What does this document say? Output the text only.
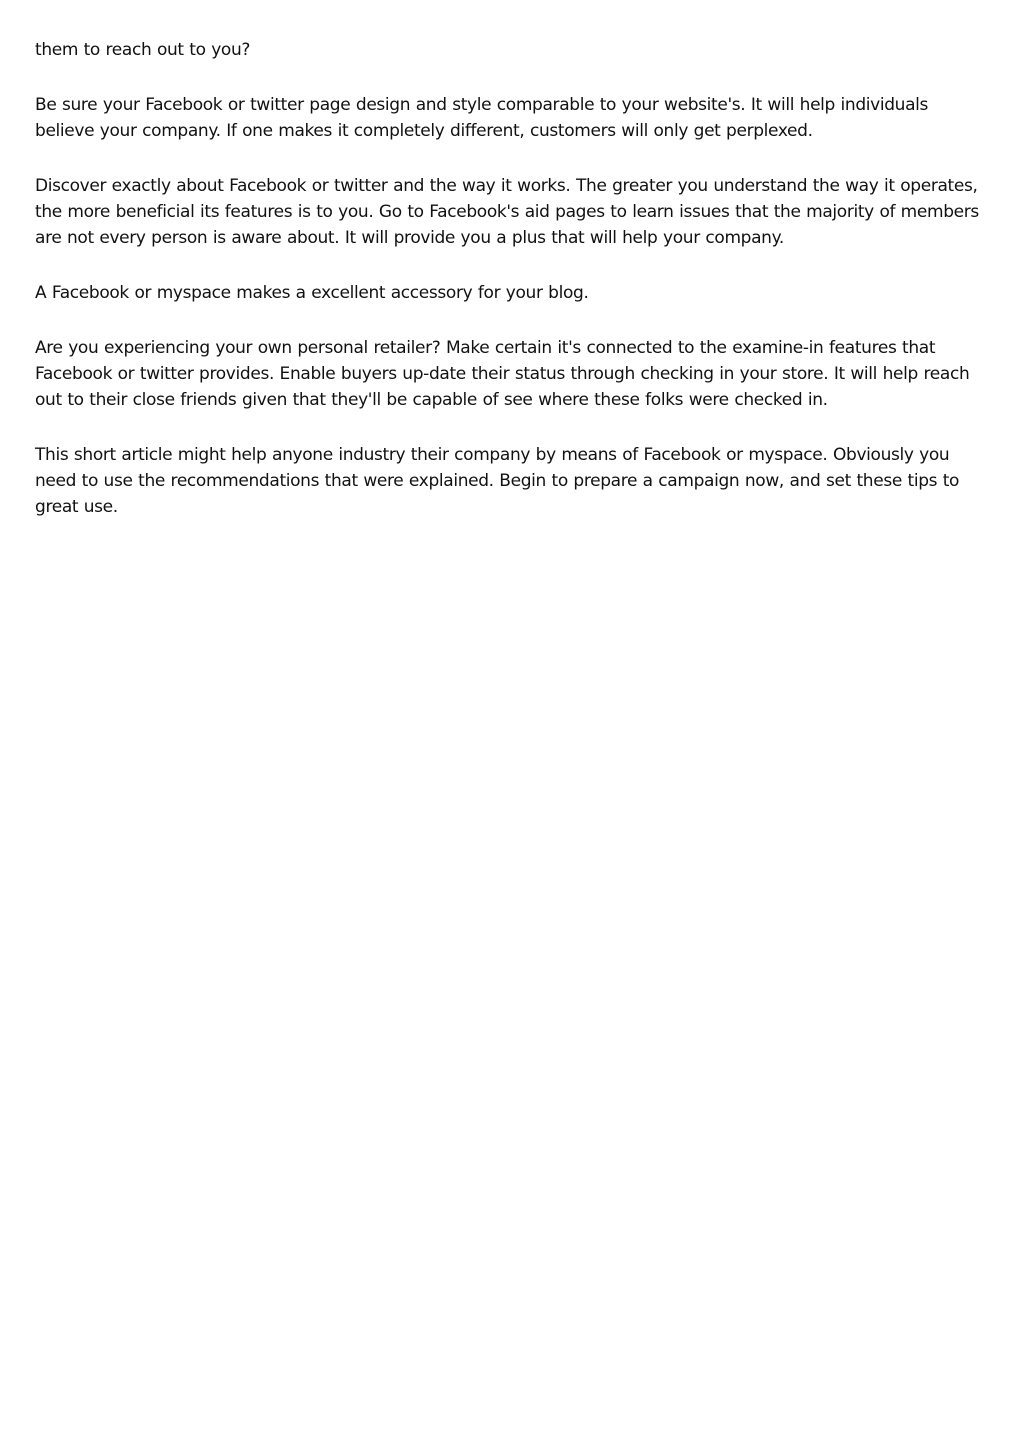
them to reach out to you?

Be sure your Facebook or twitter page design and style comparable to your website's. It will help individuals believe your company. If one makes it completely different, customers will only get perplexed.

Discover exactly about Facebook or twitter and the way it works. The greater you understand the way it operates, the more beneficial its features is to you. Go to Facebook's aid pages to learn issues that the majority of members are not every person is aware about. It will provide you a plus that will help your company.

A Facebook or myspace makes a excellent accessory for your blog.

Are you experiencing your own personal retailer? Make certain it's connected to the examine-in features that Facebook or twitter provides. Enable buyers up-date their status through checking in your store. It will help reach out to their close friends given that they'll be capable of see where these folks were checked in.

This short article might help anyone industry their company by means of Facebook or myspace. Obviously you need to use the recommendations that were explained. Begin to prepare a campaign now, and set these tips to great use.
